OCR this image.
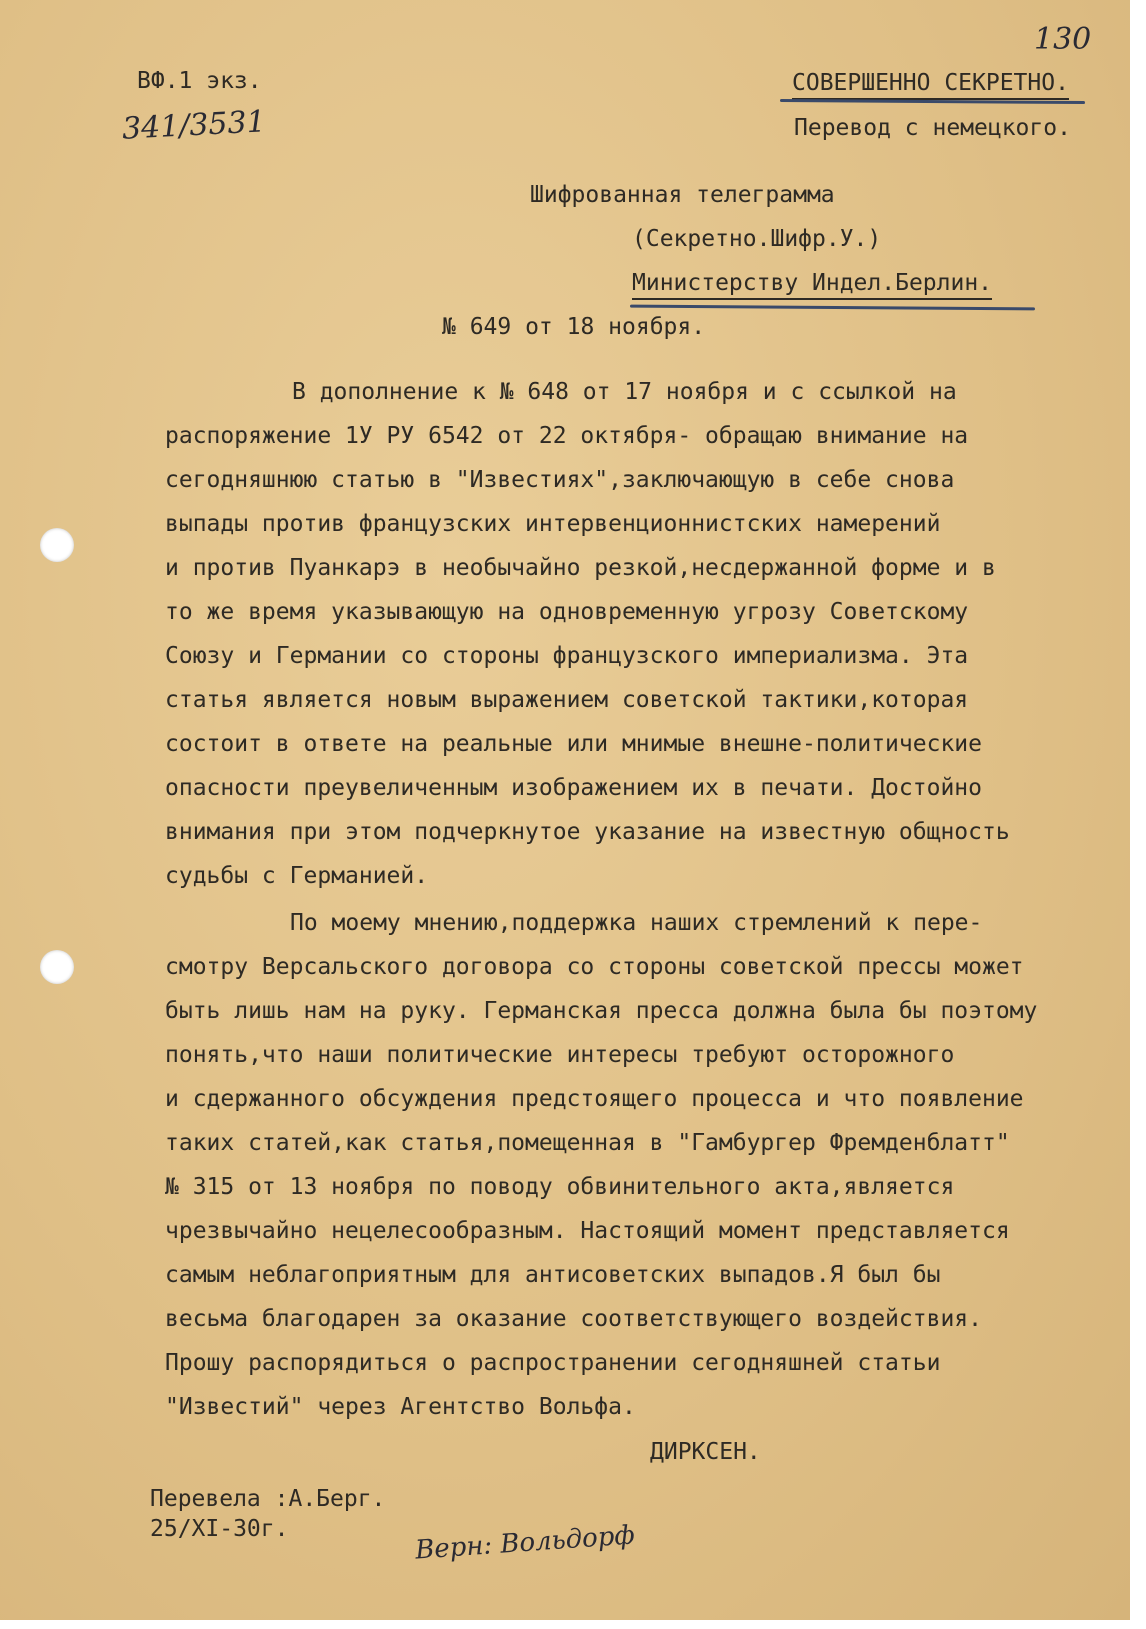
130
ВФ.1 экз.
341/3531
СОВЕРШЕННО СЕКРЕТНО.
Перевод с немецкого.
Шифрованная телеграмма
(Секретно.Шифр.У.)
Министерству Индел.Берлин.
№ 649 от 18 ноября.
В дополнение к № 648 от 17 ноября и с ссылкой на
распоряжение 1У РУ 6542 от 22 октября- обращаю внимание на
сегодняшнюю статью в "Известиях",заключающую в себе снова
выпады против французских интервенционнистских намерений
и против Пуанкарэ в необычайно резкой,несдержанной форме и в
то же время указывающую на одновременную угрозу Советскому
Союзу и Германии со стороны французского империализма. Эта
статья является новым выражением советской тактики,которая
состоит в ответе на реальные или мнимые внешне-политические
опасности преувеличенным изображением их в печати. Достойно
внимания при этом подчеркнутое указание на известную общность
судьбы с Германией.
По моему мнению,поддержка наших стремлений к пере-
смотру Версальского договора со стороны советской прессы может
быть лишь нам на руку. Германская пресса должна была бы поэтому
понять,что наши политические интересы требуют осторожного
и сдержанного обсуждения предстоящего процесса и что появление
таких статей,как статья,помещенная в "Гамбургер Фремденблатт"
№ 315 от 13 ноября по поводу обвинительного акта,является
чрезвычайно нецелесообразным. Настоящий момент представляется
самым неблагоприятным для антисоветских выпадов.Я был бы
весьма благодарен за оказание соответствующего воздействия.
Прошу распорядиться о распространении сегодняшней статьи
"Известий" через Агентство Вольфа.
ДИРКСЕН.
Перевела :А.Берг.
25/XI-30г.	Верн: Вольдорф
